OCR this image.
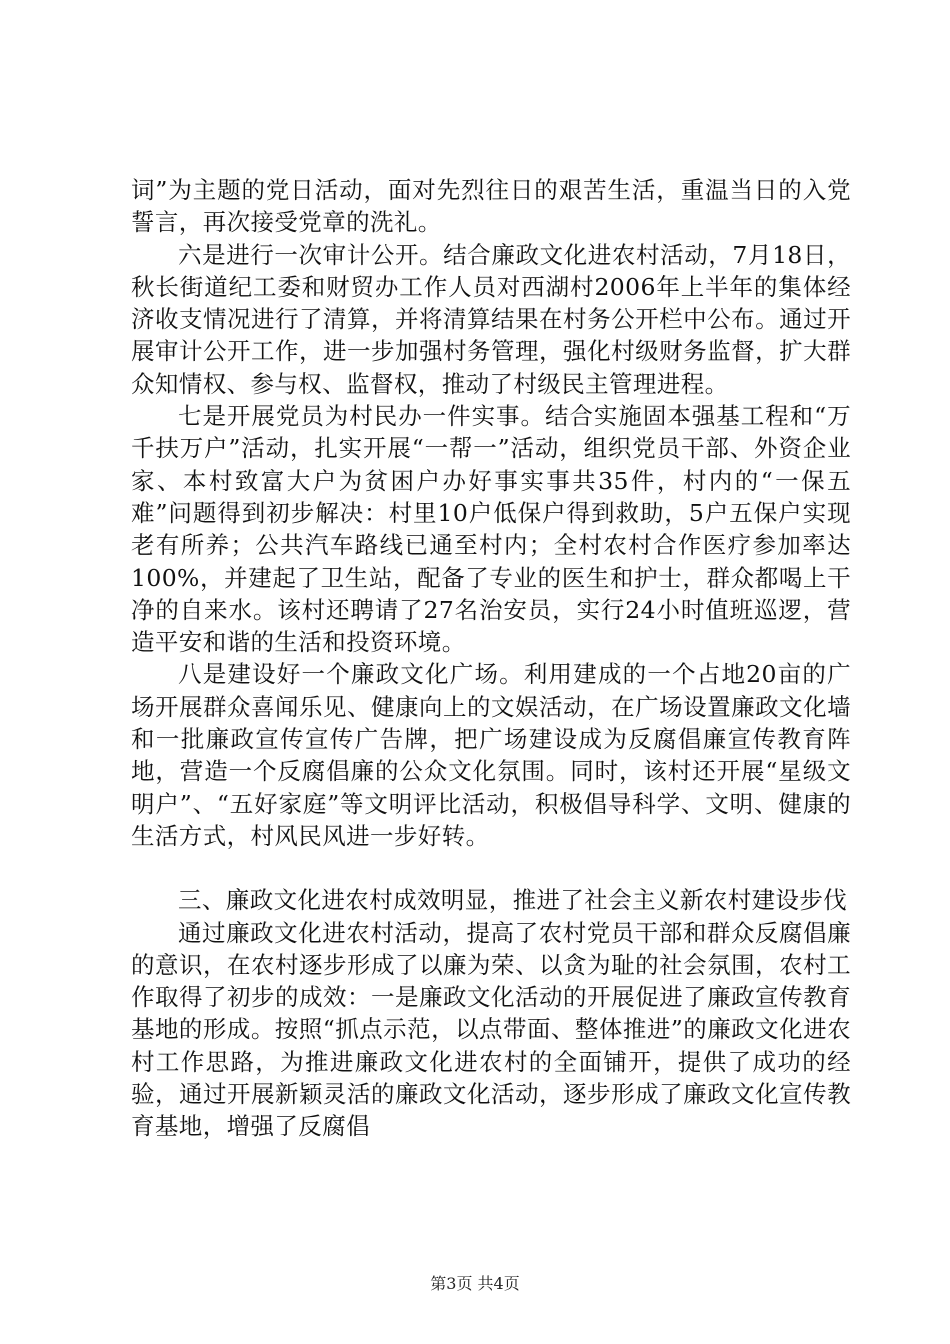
词”为主题的党日活动，面对先烈往日的艰苦生活，重温当日的入党誓言，再次接受党章的洗礼。

六是进行一次审计公开。结合廉政文化进农村活动，7月18日，秋长街道纪工委和财贸办工作人员对西湖村2006年上半年的集体经济收支情况进行了清算，并将清算结果在村务公开栏中公布。通过开展审计公开工作，进一步加强村务管理，强化村级财务监督，扩大群众知情权、参与权、监督权，推动了村级民主管理进程。

七是开展党员为村民办一件实事。结合实施固本强基工程和“万千扶万户”活动，扎实开展“一帮一”活动，组织党员干部、外资企业家、本村致富大户为贫困户办好事实事共35件，村内的“一保五难”问题得到初步解决：村里10户低保户得到救助，5户五保户实现老有所养；公共汽车路线已通至村内；全村农村合作医疗参加率达100%，并建起了卫生站，配备了专业的医生和护士，群众都喝上干净的自来水。该村还聘请了27名治安员，实行24小时值班巡逻，营造平安和谐的生活和投资环境。

八是建设好一个廉政文化广场。利用建成的一个占地20亩的广场开展群众喜闻乐见、健康向上的文娱活动，在广场设置廉政文化墙和一批廉政宣传宣传广告牌，把广场建设成为反腐倡廉宣传教育阵地，营造一个反腐倡廉的公众文化氛围。同时，该村还开展“星级文明户”、“五好家庭”等文明评比活动，积极倡导科学、文明、健康的生活方式，村风民风进一步好转。

三、廉政文化进农村成效明显，推进了社会主义新农村建设步伐

通过廉政文化进农村活动，提高了农村党员干部和群众反腐倡廉的意识，在农村逐步形成了以廉为荣、以贪为耻的社会氛围，农村工作取得了初步的成效：一是廉政文化活动的开展促进了廉政宣传教育基地的形成。按照“抓点示范，以点带面、整体推进”的廉政文化进农村工作思路，为推进廉政文化进农村的全面铺开，提供了成功的经验，通过开展新颖灵活的廉政文化活动，逐步形成了廉政文化宣传教育基地，增强了反腐倡

第3页 共4页
